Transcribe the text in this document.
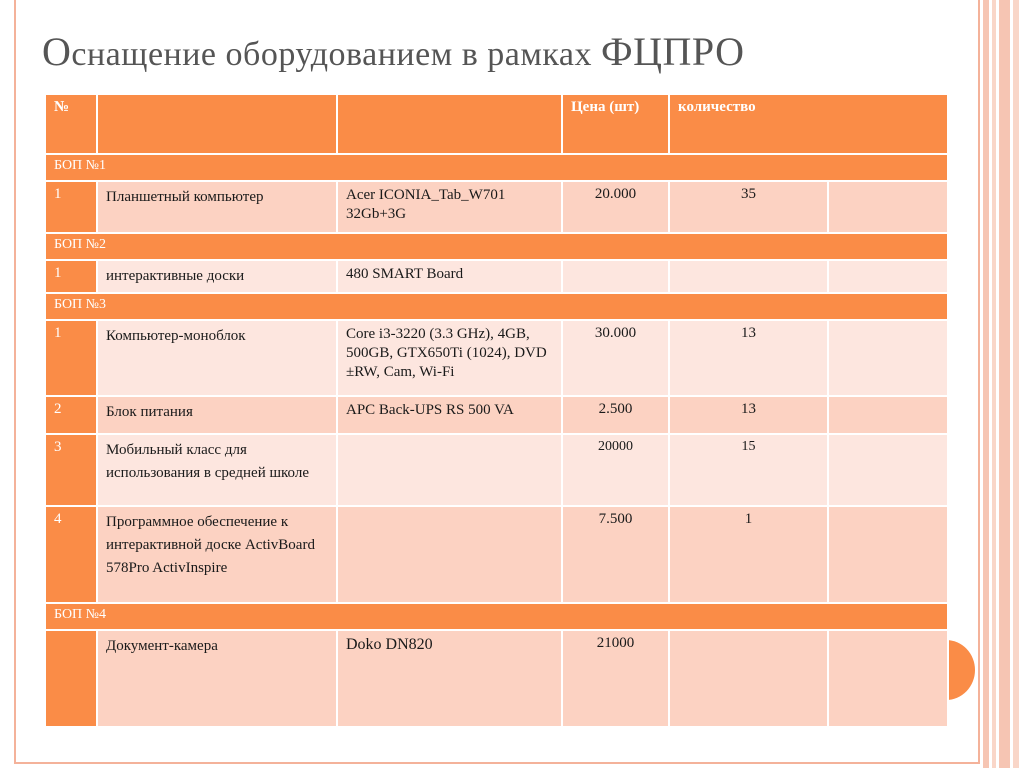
Оснащение оборудованием в рамках ФЦПРО
№			Цена (шт)	количество	
БОП №1					
1	Планшетный компьютер	Acer ICONIA_Tab_W701 32Gb+3G	20.000	35	
БОП №2					
1	интерактивные доски	480 SMART Board			
БОП №3					
1	Компьютер-моноблок	Core i3-3220 (3.3 GHz), 4GB, 500GB, GTX650Ti (1024), DVD ±RW, Cam, Wi-Fi	30.000	13	
2	Блок питания	APC Back-UPS RS 500 VA	2.500	13	
3	Мобильный класс для использования в средней школе		20000	15	
4	Программное обеспечение к интерактивной доске ActivBoard 578Pro ActivInspire		7.500	1	
БОП №4					
	Документ-камера	Doko DN820	21000		
